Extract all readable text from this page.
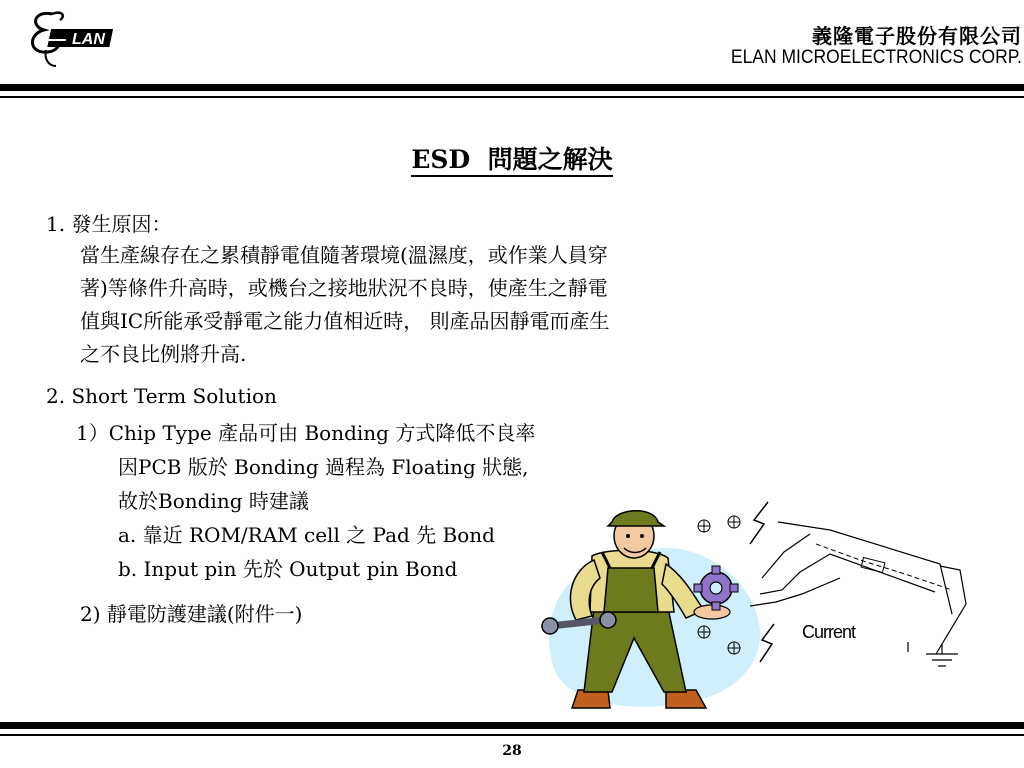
LAN	義隆電子股份有限公司
ELAN MICROELECTRONICS CORP.
ESD 問題之解決
1. 發生原因：
當生產線存在之累積靜電值隨著環境(溫濕度，或作業人員穿
著)等條件升高時，或機台之接地狀況不良時，使產生之靜電
值與IC所能承受靜電之能力值相近時， 則產品因靜電而產生
之不良比例將升高.
2. Short Term Solution
1）Chip Type 產品可由 Bonding 方式降低不良率
因PCB 版於 Bonding 過程為 Floating 狀態,
故於Bonding 時建議
a. 靠近 ROM/RAM cell 之 Pad 先 Bond
b. Input pin 先於 Output pin Bond
2) 靜電防護建議(附件一)
Current
28
